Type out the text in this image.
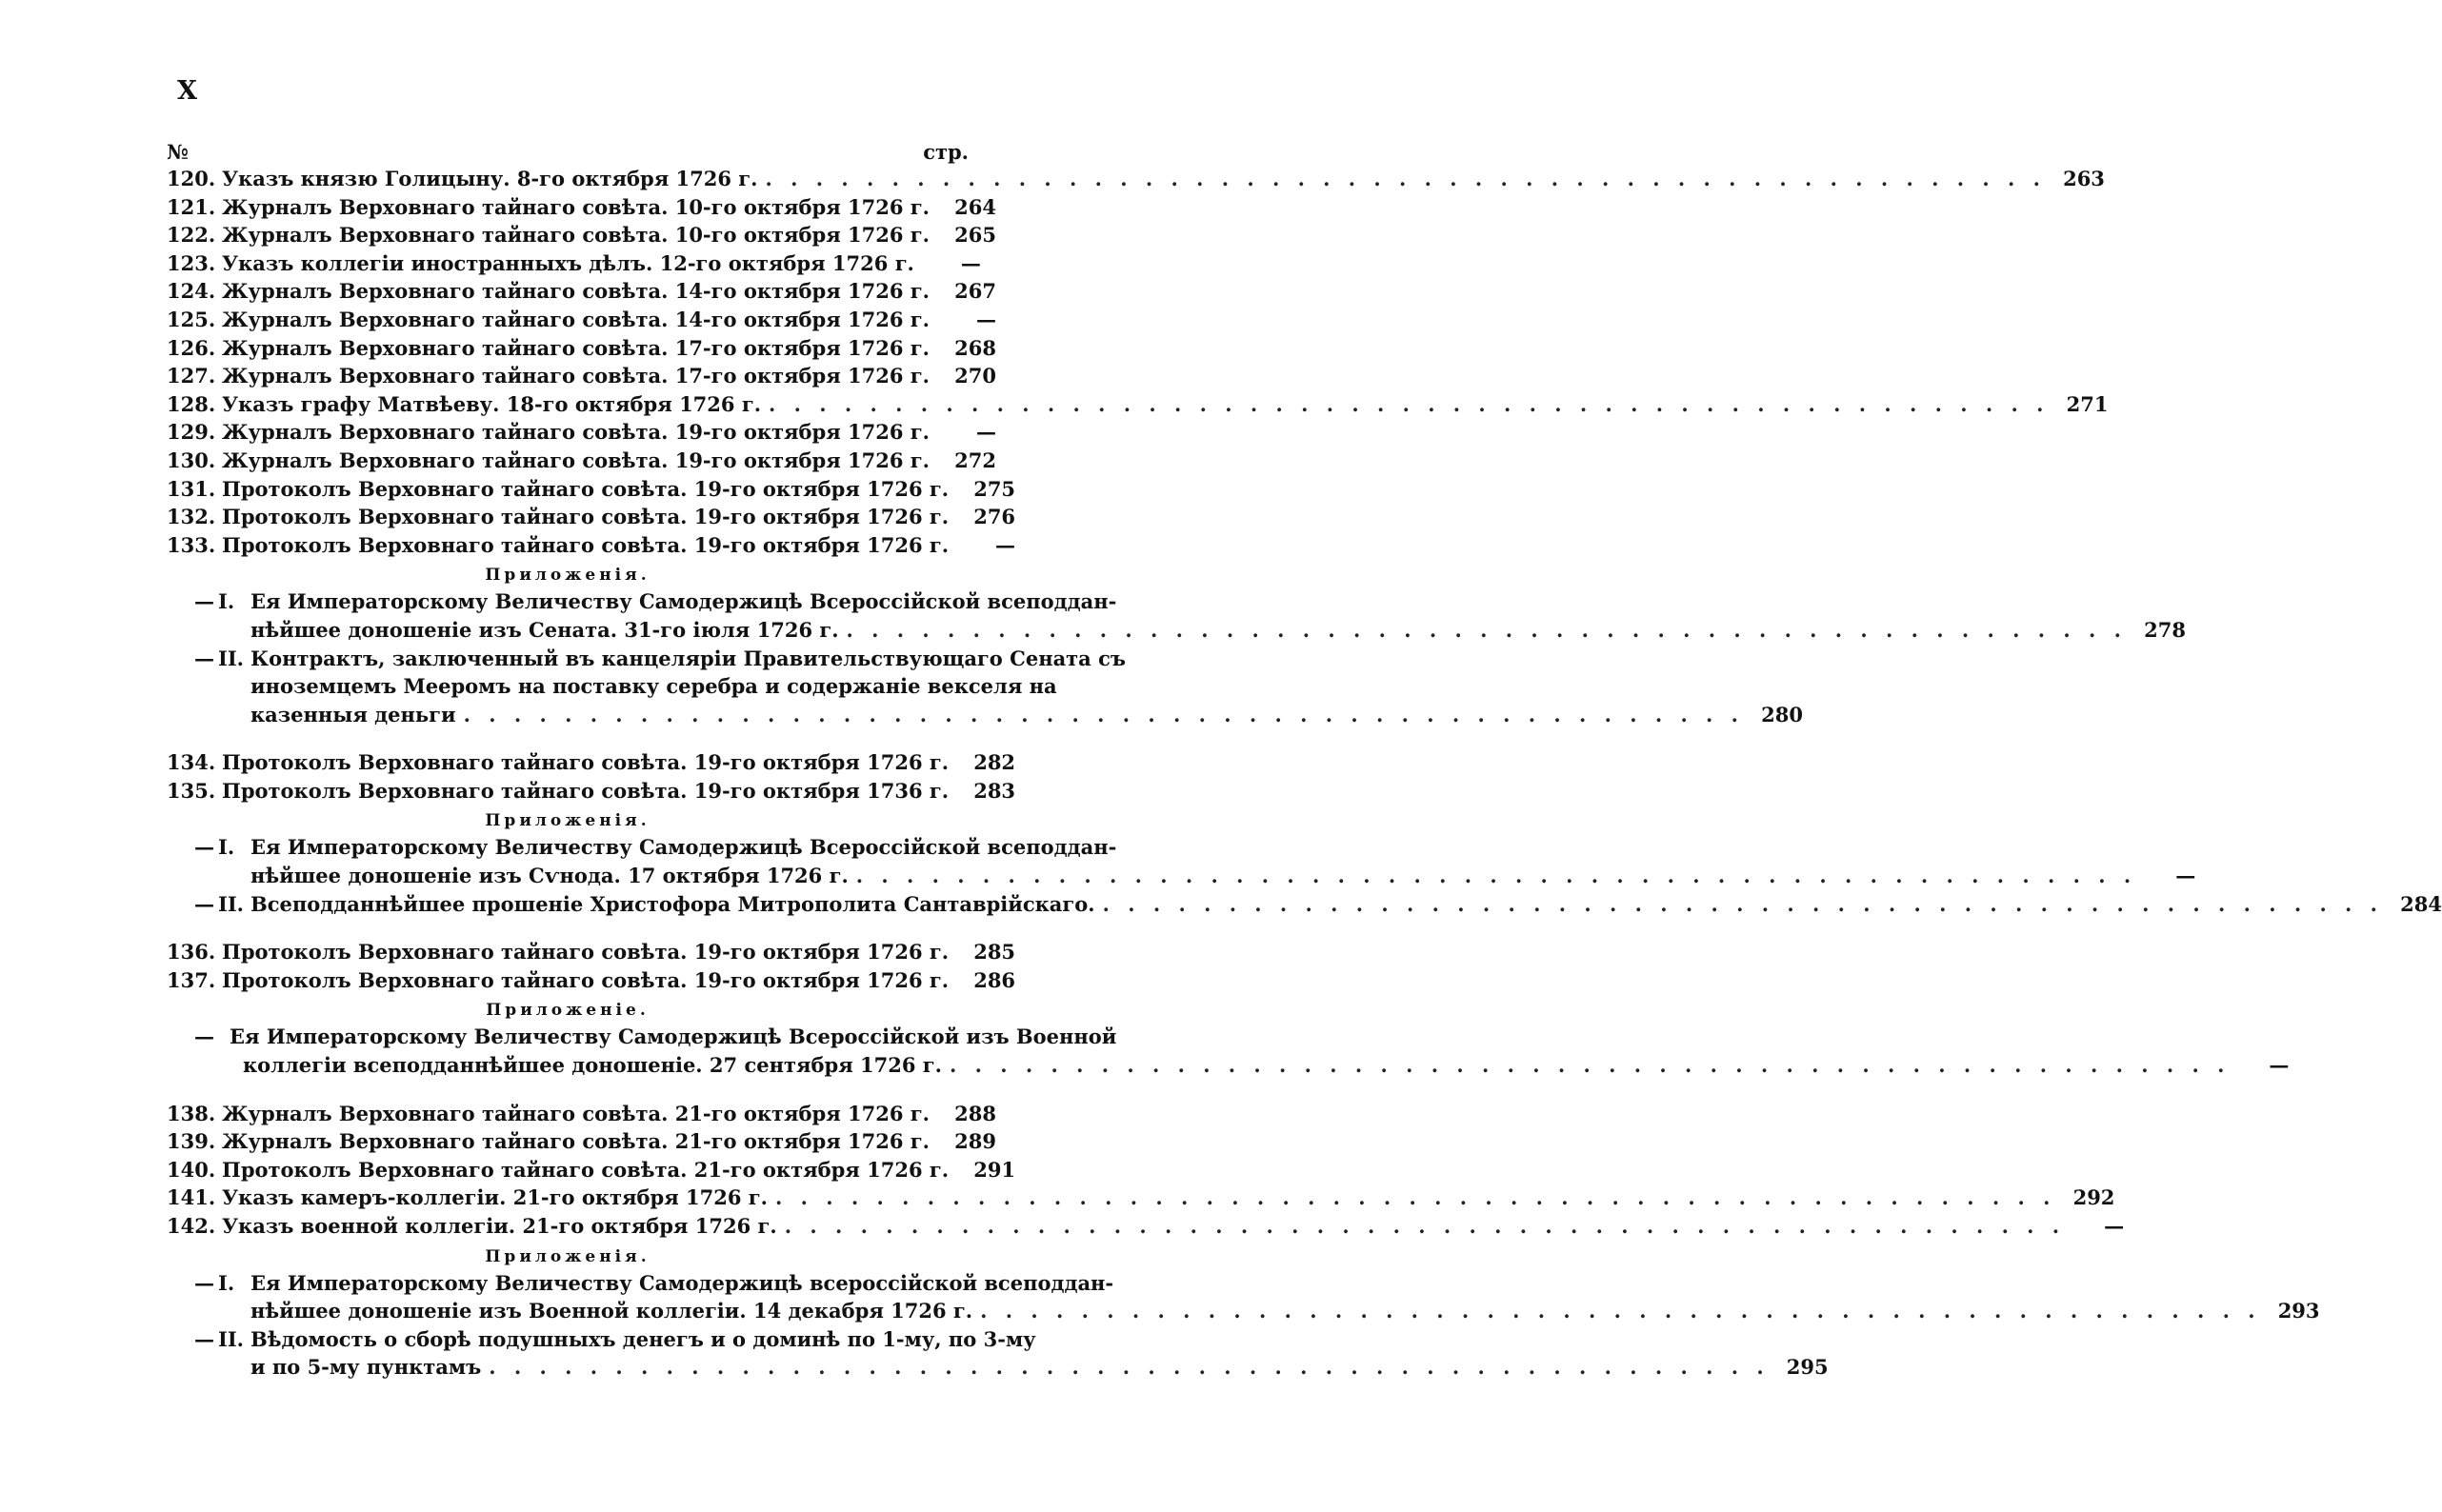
X
№	стр.
120. Указъ князю Голицыну. 8-го октября 1726 г. . . . . . . . . . . . . . . . . . . . . . . . . . . . . . . . . . . . . . . . . . . . . . . . . . . . 263
121. Журналъ Верховнаго тайнаго совѣта. 10-го октября 1726 г.	264
122. Журналъ Верховнаго тайнаго совѣта. 10-го октября 1726 г.	265
123. Указъ коллегіи иностранныхъ дѣлъ. 12-го октября 1726 г.	—
124. Журналъ Верховнаго тайнаго совѣта. 14-го октября 1726 г.	267
125. Журналъ Верховнаго тайнаго совѣта. 14-го октября 1726 г.	—
126. Журналъ Верховнаго тайнаго совѣта. 17-го октября 1726 г.	268
127. Журналъ Верховнаго тайнаго совѣта. 17-го октября 1726 г.	270
128. Указъ графу Матвѣеву. 18-го октября 1726 г. . . . . . . . . . . . . . . . . . . . . . . . . . . . . . . . . . . . . . . . . . . . . . . . . . . . 271
129. Журналъ Верховнаго тайнаго совѣта. 19-го октября 1726 г.	—
130. Журналъ Верховнаго тайнаго совѣта. 19-го октября 1726 г.	272
131. Протоколъ Верховнаго тайнаго совѣта. 19-го октября 1726 г.	275
132. Протоколъ Верховнаго тайнаго совѣта. 19-го октября 1726 г.	276
133. Протоколъ Верховнаго тайнаго совѣта. 19-го октября 1726 г.	—
Приложенія.
— I. Ея Императорскому Величеству Самодержицѣ Всероссійской всеподдан-
нѣйшее доношеніе изъ Сената. 31-го іюля 1726 г. . . . . . . . . . . . . . . . . . . . . . . . . . . . . . . . . . . . . . . . . . . . . . . . . . . . 278
— II. Контрактъ, заключенный въ канцеляріи Правительствующаго Сената съ
иноземцемъ Мееромъ на поставку серебра и содержаніе векселя на
казенныя деньги . . . . . . . . . . . . . . . . . . . . . . . . . . . . . . . . . . . . . . . . . . . . . . . . . . . 280
134. Протоколъ Верховнаго тайнаго совѣта. 19-го октября 1726 г.	282
135. Протоколъ Верховнаго тайнаго совѣта. 19-го октября 1736 г.	283
Приложенія.
— I. Ея Императорскому Величеству Самодержицѣ Всероссійской всеподдан-
нѣйшее доношеніе изъ Сѵнода. 17 октября 1726 г. . . . . . . . . . . . . . . . . . . . . . . . . . . . . . . . . . . . . . . . . . . . . . . . . . . .	—
— II. Всеподданнѣйшее прошеніе Христофора Митрополита Сантаврійскаго. . . . . . . . . . . . . . . . . . . . . . . . . . . . . . . . . . . . . . . . . . . . . . . . . . . . 284
136. Протоколъ Верховнаго тайнаго совѣта. 19-го октября 1726 г.	285
137. Протоколъ Верховнаго тайнаго совѣта. 19-го октября 1726 г.	286
Приложеніе.
— Ея Императорскому Величеству Самодержицѣ Всероссійской изъ Военной
коллегіи всеподданнѣйшее доношеніе. 27 сентября 1726 г. . . . . . . . . . . . . . . . . . . . . . . . . . . . . . . . . . . . . . . . . . . . . . . . . . . .	—
138. Журналъ Верховнаго тайнаго совѣта. 21-го октября 1726 г.	288
139. Журналъ Верховнаго тайнаго совѣта. 21-го октября 1726 г.	289
140. Протоколъ Верховнаго тайнаго совѣта. 21-го октября 1726 г.	291
141. Указъ камеръ-коллегіи. 21-го октября 1726 г. . . . . . . . . . . . . . . . . . . . . . . . . . . . . . . . . . . . . . . . . . . . . . . . . . . . 292
142. Указъ военной коллегіи. 21-го октября 1726 г. . . . . . . . . . . . . . . . . . . . . . . . . . . . . . . . . . . . . . . . . . . . . . . . . . . .	—
Приложенія.
— I. Ея Императорскому Величеству Самодержицѣ всероссійской всеподдан-
нѣйшее доношеніе изъ Военной коллегіи. 14 декабря 1726 г. . . . . . . . . . . . . . . . . . . . . . . . . . . . . . . . . . . . . . . . . . . . . . . . . . . . 293
— II. Вѣдомость о сборѣ подушныхъ денегъ и о доминѣ по 1-му, по 3-му
и по 5-му пунктамъ . . . . . . . . . . . . . . . . . . . . . . . . . . . . . . . . . . . . . . . . . . . . . . . . . . . 295
